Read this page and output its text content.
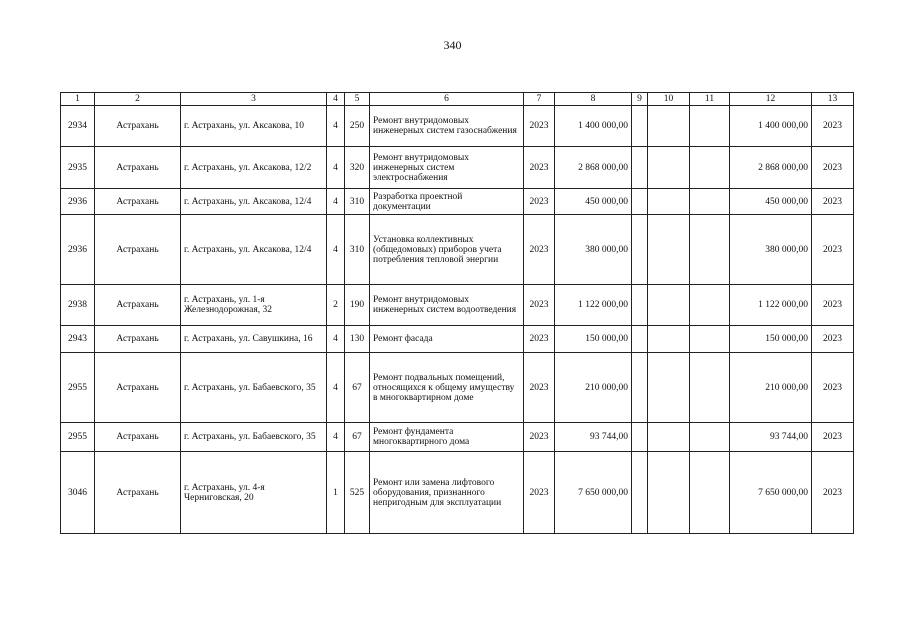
340
1	2	3	4	5	6	7	8	9	10	11	12	13
2934	Астрахань	г. Астрахань, ул. Аксакова, 10	4	250	Ремонт внутридомовых инженерных систем газоснабжения	2023	1 400 000,00				1 400 000,00	2023
2935	Астрахань	г. Астрахань, ул. Аксакова, 12/2	4	320	Ремонт внутридомовых инженерных систем электроснабжения	2023	2 868 000,00				2 868 000,00	2023
2936	Астрахань	г. Астрахань, ул. Аксакова, 12/4	4	310	Разработка проектной документации	2023	450 000,00				450 000,00	2023
2936	Астрахань	г. Астрахань, ул. Аксакова, 12/4	4	310	Установка коллективных (общедомовых) приборов учета потребления тепловой энергии	2023	380 000,00				380 000,00	2023
2938	Астрахань	г. Астрахань, ул. 1-я Железнодорожная, 32	2	190	Ремонт внутридомовых инженерных систем водоотведения	2023	1 122 000,00				1 122 000,00	2023
2943	Астрахань	г. Астрахань, ул. Савушкина, 16	4	130	Ремонт фасада	2023	150 000,00				150 000,00	2023
2955	Астрахань	г. Астрахань, ул. Бабаевского, 35	4	67	Ремонт подвальных помещений, относящихся к общему имуществу в многоквартирном доме	2023	210 000,00				210 000,00	2023
2955	Астрахань	г. Астрахань, ул. Бабаевского, 35	4	67	Ремонт фундамента многоквартирного дома	2023	93 744,00				93 744,00	2023
3046	Астрахань	г. Астрахань, ул. 4-я Черниговская, 20	1	525	Ремонт или замена лифтового оборудования, признанного непригодным для эксплуатации	2023	7 650 000,00				7 650 000,00	2023
